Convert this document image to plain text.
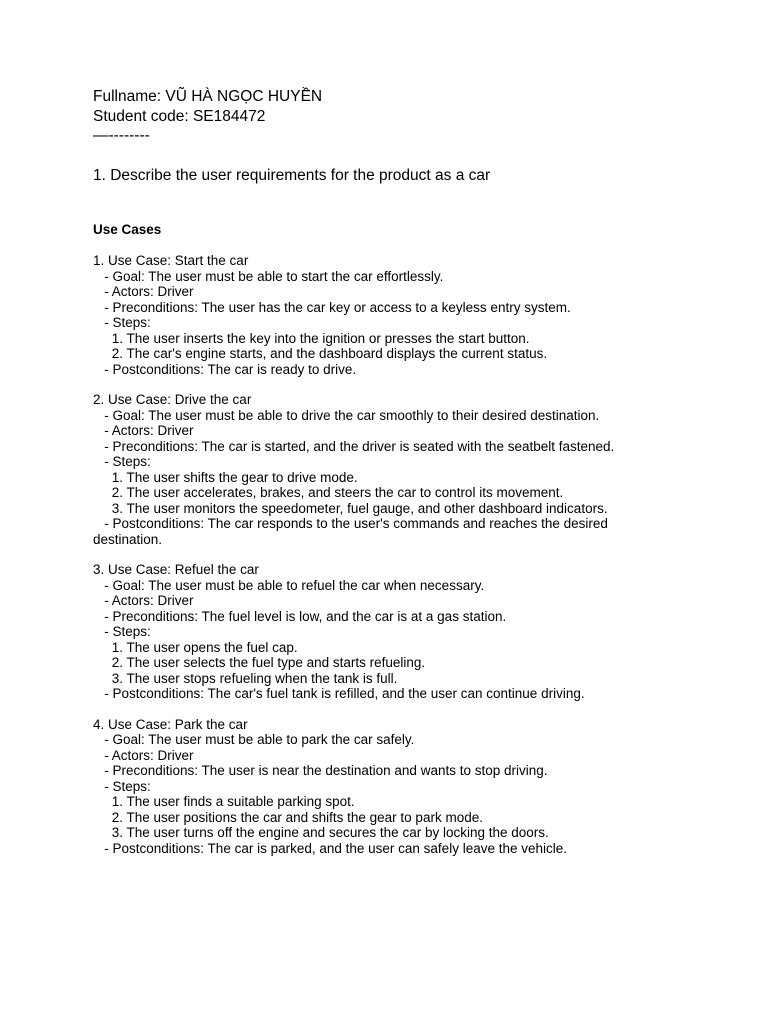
Fullname: VŨ HÀ NGỌC HUYỀN
Student code: SE184472
—--------
1. Describe the user requirements for the product as a car
Use Cases
1. Use Case: Start the car
- Goal: The user must be able to start the car effortlessly.
- Actors: Driver
- Preconditions: The user has the car key or access to a keyless entry system.
- Steps:
1. The user inserts the key into the ignition or presses the start button.
2. The car's engine starts, and the dashboard displays the current status.
- Postconditions: The car is ready to drive.
2. Use Case: Drive the car
- Goal: The user must be able to drive the car smoothly to their desired destination.
- Actors: Driver
- Preconditions: The car is started, and the driver is seated with the seatbelt fastened.
- Steps:
1. The user shifts the gear to drive mode.
2. The user accelerates, brakes, and steers the car to control its movement.
3. The user monitors the speedometer, fuel gauge, and other dashboard indicators.
- Postconditions: The car responds to the user's commands and reaches the desired destination.
3. Use Case: Refuel the car
- Goal: The user must be able to refuel the car when necessary.
- Actors: Driver
- Preconditions: The fuel level is low, and the car is at a gas station.
- Steps:
1. The user opens the fuel cap.
2. The user selects the fuel type and starts refueling.
3. The user stops refueling when the tank is full.
- Postconditions: The car's fuel tank is refilled, and the user can continue driving.
4. Use Case: Park the car
- Goal: The user must be able to park the car safely.
- Actors: Driver
- Preconditions: The user is near the destination and wants to stop driving.
- Steps:
1. The user finds a suitable parking spot.
2. The user positions the car and shifts the gear to park mode.
3. The user turns off the engine and secures the car by locking the doors.
- Postconditions: The car is parked, and the user can safely leave the vehicle.
